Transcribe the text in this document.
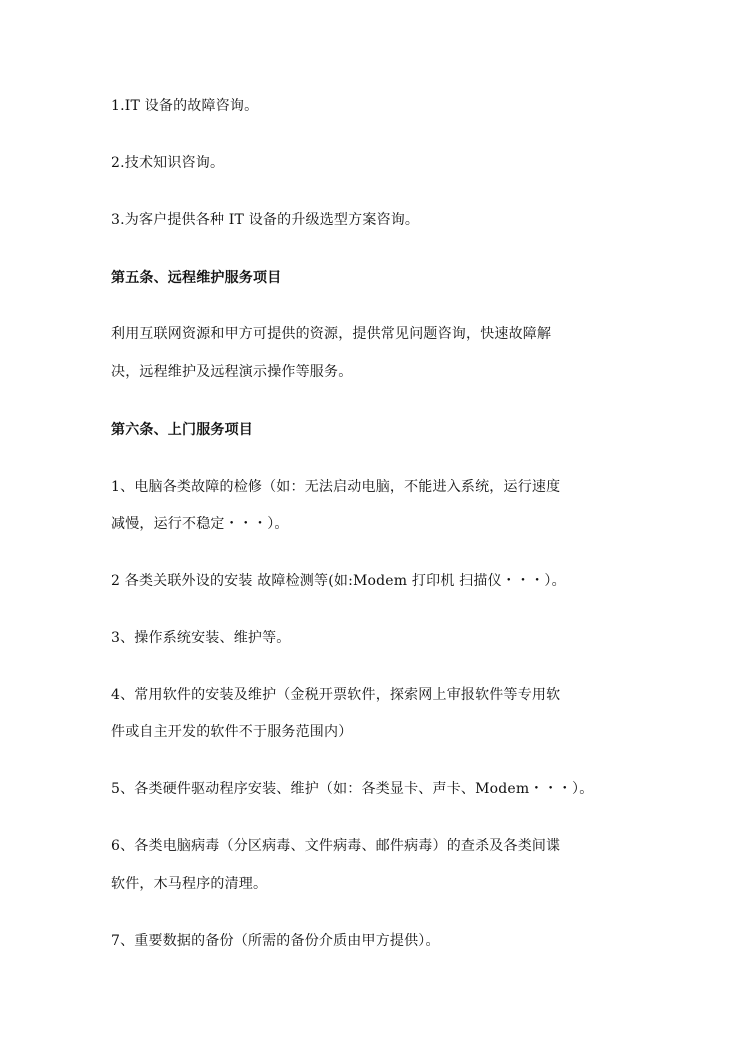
1.IT 设备的故障咨询。
2.技术知识咨询。
3.为客户提供各种 IT 设备的升级选型方案咨询。
第五条、远程维护服务项目
利用互联网资源和甲方可提供的资源，提供常见问题咨询，快速故障解
决，远程维护及远程演示操作等服务。
第六条、上门服务项目
1、电脑各类故障的检修（如：无法启动电脑，不能进入系统，运行速度
减慢，运行不稳定・・・）。
2 各类关联外设的安装 故障检测等(如:Modem 打印机 扫描仪・・・）。
3、操作系统安装、维护等。
4、常用软件的安装及维护（金税开票软件，探索网上审报软件等专用软
件或自主开发的软件不于服务范围内）
5、各类硬件驱动程序安装、维护（如：各类显卡、声卡、Modem・・・）。
6、各类电脑病毒（分区病毒、文件病毒、邮件病毒）的查杀及各类间谍
软件，木马程序的清理。
7、重要数据的备份（所需的备份介质由甲方提供）。
